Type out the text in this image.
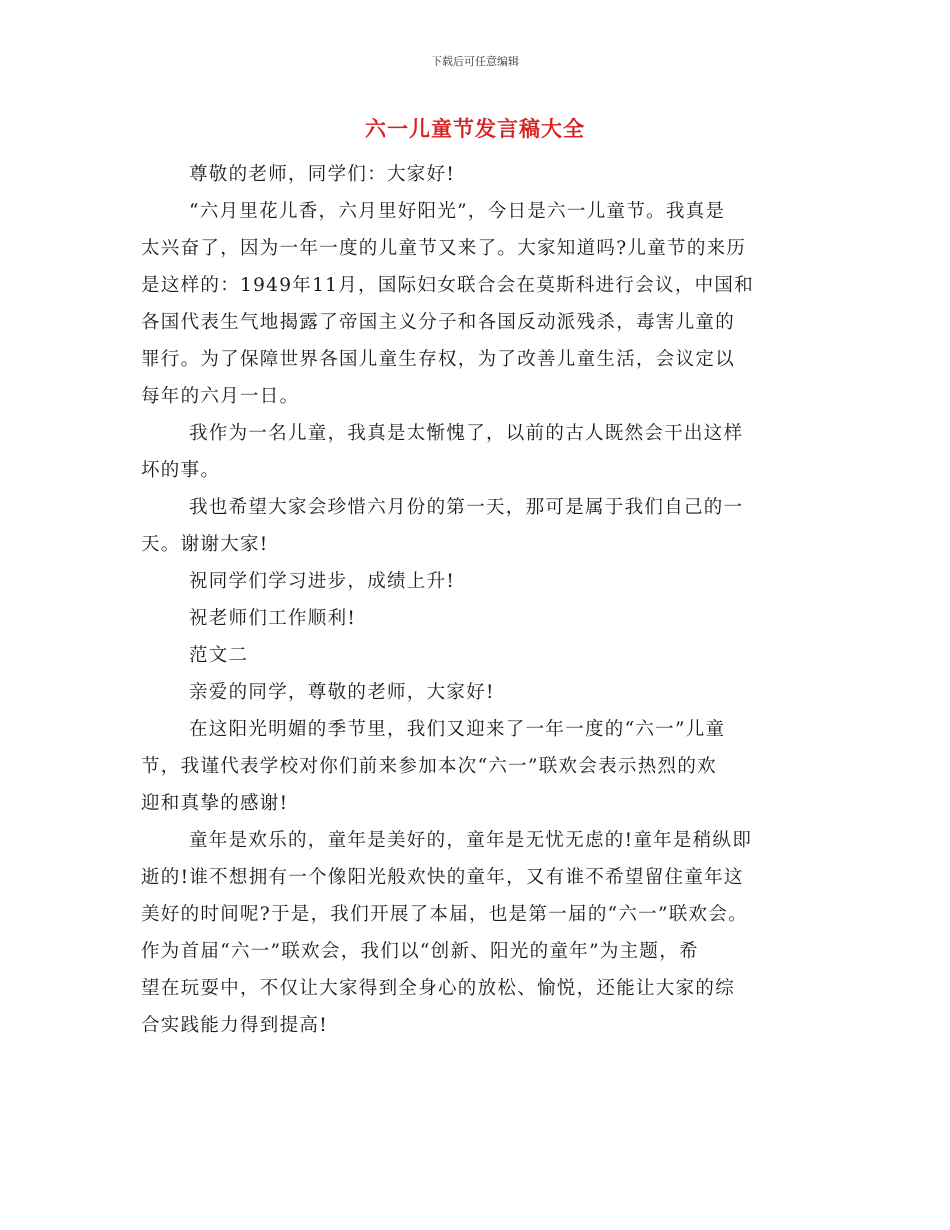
下载后可任意编辑
六一儿童节发言稿大全
尊敬的老师，同学们：大家好!
“六月里花儿香，六月里好阳光”，今日是六一儿童节。我真是
太兴奋了，因为一年一度的儿童节又来了。大家知道吗?儿童节的来历
是这样的：1949年11月，国际妇女联合会在莫斯科进行会议，中国和
各国代表生气地揭露了帝国主义分子和各国反动派残杀，毒害儿童的
罪行。为了保障世界各国儿童生存权，为了改善儿童生活，会议定以
每年的六月一日。
我作为一名儿童，我真是太惭愧了，以前的古人既然会干出这样
坏的事。
我也希望大家会珍惜六月份的第一天，那可是属于我们自己的一
天。谢谢大家!
祝同学们学习进步，成绩上升!
祝老师们工作顺利!
范文二
亲爱的同学，尊敬的老师，大家好!
在这阳光明媚的季节里，我们又迎来了一年一度的“六一”儿童
节，我谨代表学校对你们前来参加本次“六一”联欢会表示热烈的欢
迎和真挚的感谢!
童年是欢乐的，童年是美好的，童年是无忧无虑的!童年是稍纵即
逝的!谁不想拥有一个像阳光般欢快的童年，又有谁不希望留住童年这
美好的时间呢?于是，我们开展了本届，也是第一届的“六一”联欢会。
作为首届“六一”联欢会，我们以“创新、阳光的童年”为主题，希
望在玩耍中，不仅让大家得到全身心的放松、愉悦，还能让大家的综
合实践能力得到提高!
